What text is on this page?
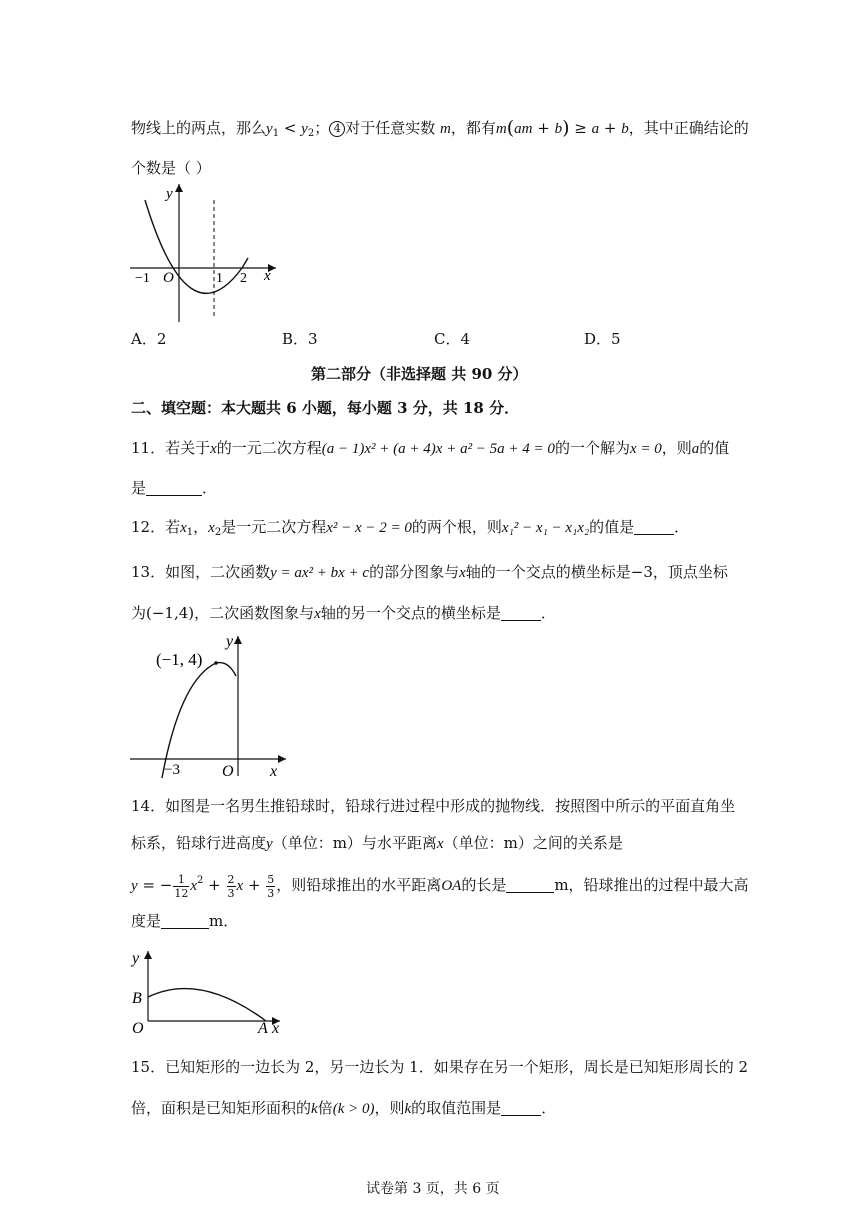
物线上的两点，那么$y_1 < y_2$； 4 对于任意实数 m，都有m(am + b) ≥ a + b，其中正确结论的
个数是（ ）
y
x
O
−1	1 2
A．2	B．3	C．4	D．5
第二部分（非选择题 共 90 分）
二、填空题：本大题共 6 小题，每小题 3 分，共 18 分．
11．若关于x的一元二次方程(a − 1)x² + (a + 4)x + a² − 5a + 4 = 0的一个解为x = 0，则a的值
是	．
12．若$x_1$，$x_2$是一元二次方程x² − x − 2 = 0的两个根，则x₁² − x₁ − x₁x₂的值是	．
13．如图，二次函数y = ax² + bx + c的部分图象与x轴的一个交点的横坐标是−3，顶点坐标
为(−1,4)，二次函数图象与x轴的另一个交点的横坐标是	．
(−1, 4)
y
x
O
−3
14．如图是一名男生推铅球时，铅球行进过程中形成的抛物线．按照图中所示的平面直角坐
标系，铅球行进高度y（单位：m）与水平距离x（单位：m）之间的关系是
y = − $\frac{1}{12} x^2 + \frac{2}{3}$ $x + \frac{5}{3}$ ，则铅球推出的水平距离OA的长是	m，铅球推出的过程中最大高
度是	m．
y
B
O	A x
15．已知矩形的一边长为 2，另一边长为 1．如果存在另一个矩形，周长是已知矩形周长的 2
倍，面积是已知矩形面积的k倍(k > 0)，则k的取值范围是	．
试卷第 3 页，共 6 页
